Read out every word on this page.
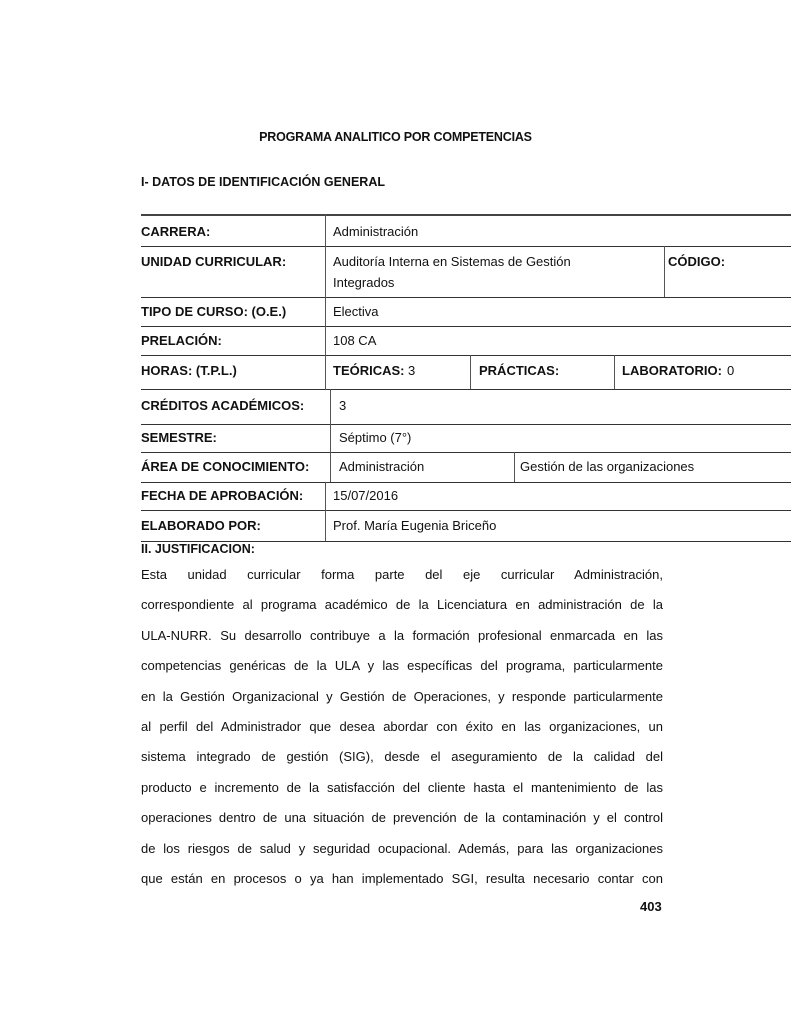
PROGRAMA ANALITICO POR COMPETENCIAS
I- DATOS DE IDENTIFICACIÓN GENERAL
CARRERA:	Administración
UNIDAD CURRICULAR:	Auditoría Interna en Sistemas de Gestión
Integrados
CÓDIGO:
TIPO DE CURSO: (O.E.)	Electiva
PRELACIÓN:	108 CA
HORAS: (T.P.L.)	TEÓRICAS: 3	PRÁCTICAS:	LABORATORIO: 0
CRÉDITOS ACADÉMICOS:	3
SEMESTRE:	Séptimo (7°)
ÁREA DE CONOCIMIENTO: Administración	Gestión de las organizaciones
FECHA DE APROBACIÓN: 15/07/2016
ELABORADO POR:	Prof. María Eugenia Briceño
II. JUSTIFICACION:
Esta unidad curricular forma parte del eje curricular Administración,
correspondiente al programa académico de la Licenciatura en administración de la
ULA-NURR. Su desarrollo contribuye a la formación profesional enmarcada en las
competencias genéricas de la ULA y las específicas del programa, particularmente
en la Gestión Organizacional y Gestión de Operaciones, y responde particularmente
al perfil del Administrador que desea abordar con éxito en las organizaciones, un
sistema integrado de gestión (SIG), desde el aseguramiento de la calidad del
producto e incremento de la satisfacción del cliente hasta el mantenimiento de las
operaciones dentro de una situación de prevención de la contaminación y el control
de los riesgos de salud y seguridad ocupacional. Además, para las organizaciones
que están en procesos o ya han implementado SGI, resulta necesario contar con
403
